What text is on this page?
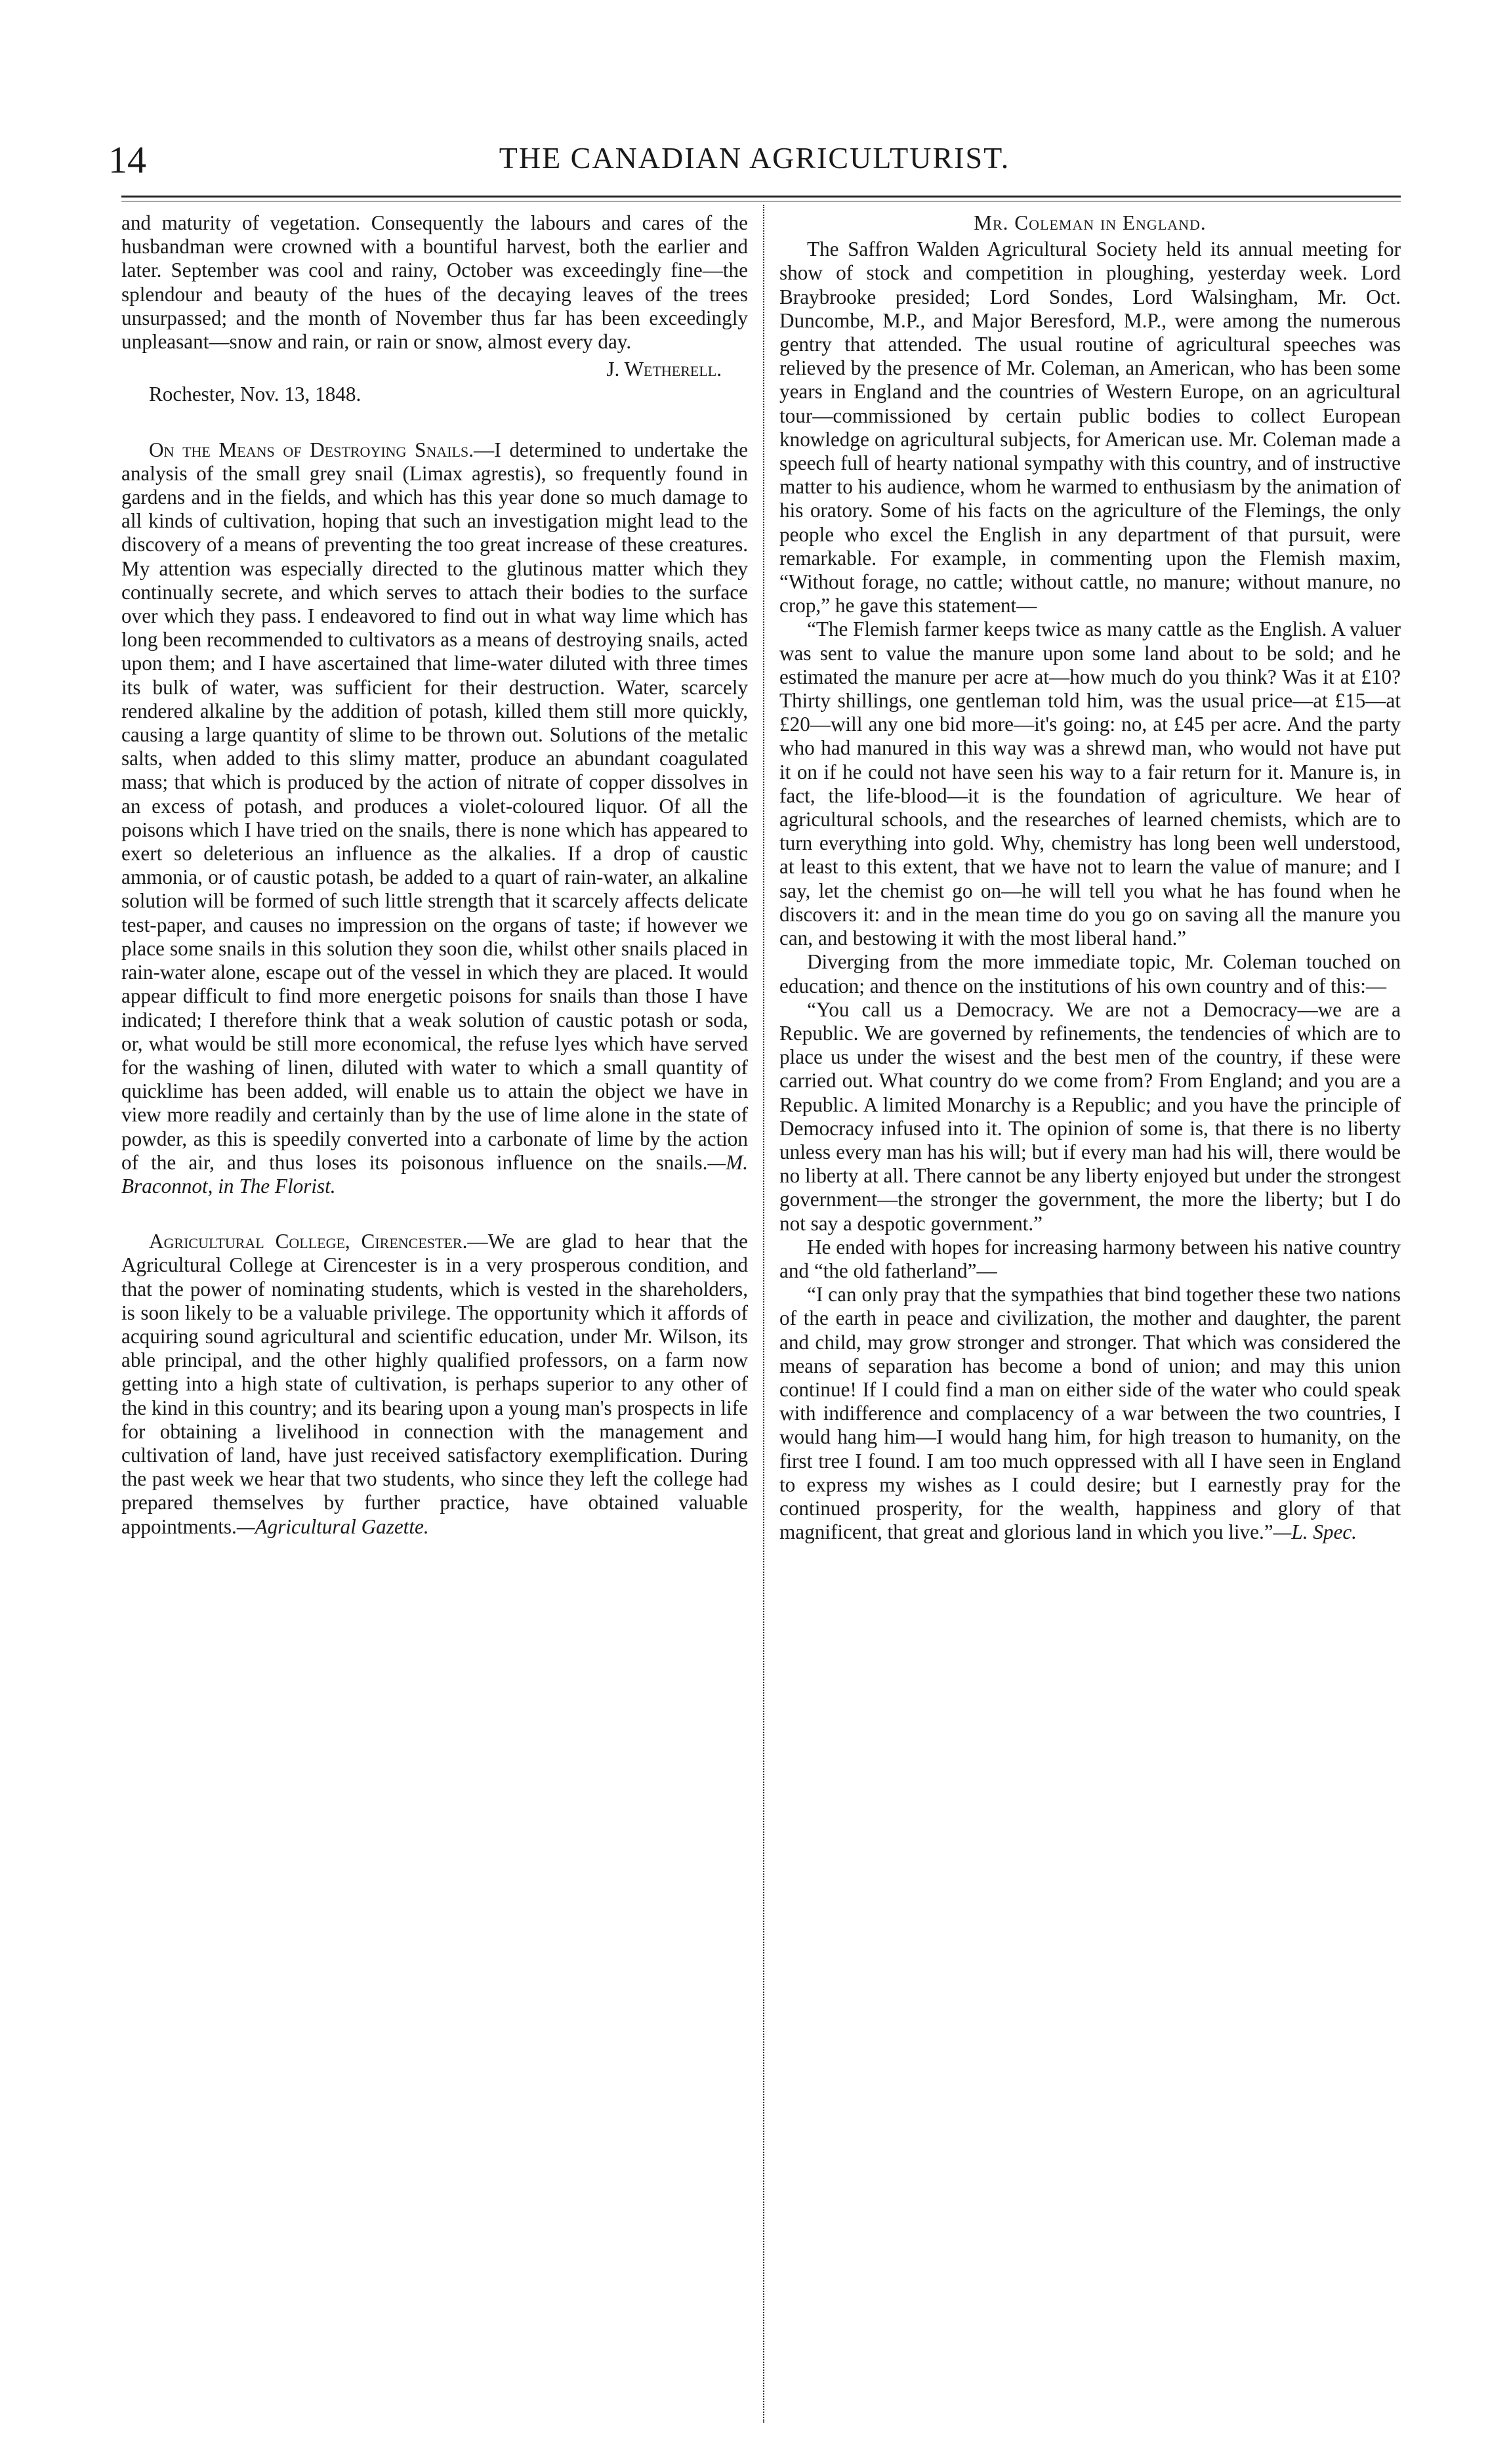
14	THE CANADIAN AGRICULTURIST.

and maturity of vegetation. Consequently the labours and cares of the husbandman were crowned with a bountiful harvest, both the earlier and later. September was cool and rainy, October was exceedingly fine—the splendour and beauty of the hues of the decaying leaves of the trees unsurpassed; and the month of November thus far has been exceedingly unpleasant—snow and rain, or rain or snow, almost every day.

J. Wetherell.
Rochester, Nov. 13, 1848.

On the Means of Destroying Snails.—I determined to undertake the analysis of the small grey snail (Limax agrestis), so frequently found in gardens and in the fields, and which has this year done so much damage to all kinds of cultivation, hoping that such an investigation might lead to the discovery of a means of preventing the too great increase of these creatures. My attention was especially directed to the glutinous matter which they continually secrete, and which serves to attach their bodies to the surface over which they pass. I endeavored to find out in what way lime which has long been recommended to cultivators as a means of destroying snails, acted upon them; and I have ascertained that lime-water diluted with three times its bulk of water, was sufficient for their destruction. Water, scarcely rendered alkaline by the addition of potash, killed them still more quickly, causing a large quantity of slime to be thrown out. Solutions of the metalic salts, when added to this slimy matter, produce an abundant coagulated mass; that which is produced by the action of nitrate of copper dissolves in an excess of potash, and produces a violet-coloured liquor. Of all the poisons which I have tried on the snails, there is none which has appeared to exert so deleterious an influence as the alkalies. If a drop of caustic ammonia, or of caustic potash, be added to a quart of rain-water, an alkaline solution will be formed of such little strength that it scarcely affects delicate test-paper, and causes no impression on the organs of taste; if however we place some snails in this solution they soon die, whilst other snails placed in rain-water alone, escape out of the vessel in which they are placed. It would appear difficult to find more energetic poisons for snails than those I have indicated; I therefore think that a weak solution of caustic potash or soda, or, what would be still more economical, the refuse lyes which have served for the washing of linen, diluted with water to which a small quantity of quicklime has been added, will enable us to attain the object we have in view more readily and certainly than by the use of lime alone in the state of powder, as this is speedily converted into a carbonate of lime by the action of the air, and thus loses its poisonous influence on the snails.—M. Braconnot, in The Florist.

Agricultural College, Cirencester.—We are glad to hear that the Agricultural College at Cirencester is in a very prosperous condition, and that the power of nominating students, which is vested in the shareholders, is soon likely to be a valuable privilege. The opportunity which it affords of acquiring sound agricultural and scientific education, under Mr. Wilson, its able principal, and the other highly qualified professors, on a farm now getting into a high state of cultivation, is perhaps superior to any other of the kind in this country; and its bearing upon a young man's prospects in life for obtaining a livelihood in connection with the management and cultivation of land, have just received satisfactory exemplification. During the past week we hear that two students, who since they left the college had prepared themselves by further practice, have obtained valuable appointments.—Agricultural Gazette.

Mr. Coleman in England.

The Saffron Walden Agricultural Society held its annual meeting for show of stock and competition in ploughing, yesterday week. Lord Braybrooke presided; Lord Sondes, Lord Walsingham, Mr. Oct. Duncombe, M.P., and Major Beresford, M.P., were among the numerous gentry that attended. The usual routine of agricultural speeches was relieved by the presence of Mr. Coleman, an American, who has been some years in England and the countries of Western Europe, on an agricultural tour—commissioned by certain public bodies to collect European knowledge on agricultural subjects, for American use. Mr. Coleman made a speech full of hearty national sympathy with this country, and of instructive matter to his audience, whom he warmed to enthusiasm by the animation of his oratory. Some of his facts on the agriculture of the Flemings, the only people who excel the English in any department of that pursuit, were remarkable. For example, in commenting upon the Flemish maxim, “Without forage, no cattle; without cattle, no manure; without manure, no crop,” he gave this statement—

“The Flemish farmer keeps twice as many cattle as the English. A valuer was sent to value the manure upon some land about to be sold; and he estimated the manure per acre at—how much do you think? Was it at £10? Thirty shillings, one gentleman told him, was the usual price—at £15—at £20—will any one bid more—it's going: no, at £45 per acre. And the party who had manured in this way was a shrewd man, who would not have put it on if he could not have seen his way to a fair return for it. Manure is, in fact, the life-blood—it is the foundation of agriculture. We hear of agricultural schools, and the researches of learned chemists, which are to turn everything into gold. Why, chemistry has long been well understood, at least to this extent, that we have not to learn the value of manure; and I say, let the chemist go on—he will tell you what he has found when he discovers it: and in the mean time do you go on saving all the manure you can, and bestowing it with the most liberal hand.”

Diverging from the more immediate topic, Mr. Coleman touched on education; and thence on the institutions of his own country and of this:—

“You call us a Democracy. We are not a Democracy—we are a Republic. We are governed by refinements, the tendencies of which are to place us under the wisest and the best men of the country, if these were carried out. What country do we come from? From England; and you are a Republic. A limited Monarchy is a Republic; and you have the principle of Democracy infused into it. The opinion of some is, that there is no liberty unless every man has his will; but if every man had his will, there would be no liberty at all. There cannot be any liberty enjoyed but under the strongest government—the stronger the government, the more the liberty; but I do not say a despotic government.”

He ended with hopes for increasing harmony between his native country and “the old fatherland”—

“I can only pray that the sympathies that bind together these two nations of the earth in peace and civilization, the mother and daughter, the parent and child, may grow stronger and stronger. That which was considered the means of separation has become a bond of union; and may this union continue! If I could find a man on either side of the water who could speak with indifference and complacency of a war between the two countries, I would hang him—I would hang him, for high treason to humanity, on the first tree I found. I am too much oppressed with all I have seen in England to express my wishes as I could desire; but I earnestly pray for the continued prosperity, for the wealth, happiness and glory of that magnificent, that great and glorious land in which you live.”—L. Spec.
